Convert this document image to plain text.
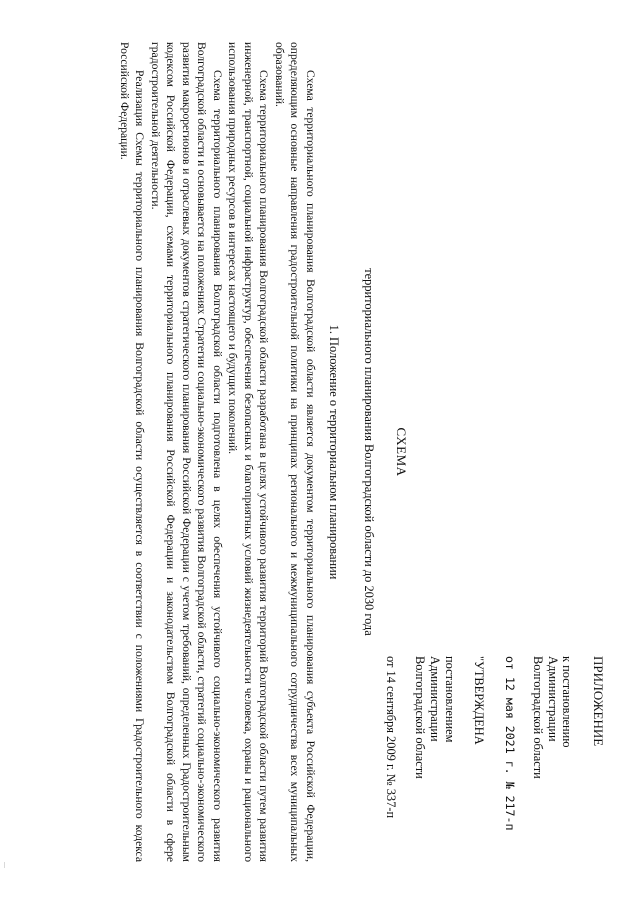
ПРИЛОЖЕНИЕ
к постановлению
Администрации
Волгоградской области
от 12 мая 2021 г. № 217-п
"УТВЕРЖДЕНА
постановлением
Администрации
Волгоградской области
от 14 сентября 2009 г. № 337-п
СХЕМА
территориального планирования Волгоградской области до 2030 года
1. Положение о территориальном планировании

Схема территориального планирования Волгоградской области является документом территориального планирования субъекта Российской Федерации, определяющим основные направления градостроительной политики на принципах регионального и межмуниципального сотрудничества всех муниципальных образований.

Схема территориального планирования Волгоградской области разработана в целях устойчивого развития территорий Волгоградской области путем развития инженерной, транспортной, социальной инфраструктур, обеспечения безопасных и благоприятных условий жизнедеятельности человека, охраны и рационального использования природных ресурсов в интересах настоящего и будущих поколений.

Схема территориального планирования Волгоградской области подготовлена в целях обеспечения устойчивого социально-экономического развития Волгоградской области и основывается на положениях Стратегии социально-экономического развития Волгоградской области, стратегий социально-экономического развития макрорегионов и отраслевых документов стратегического планирования Российской Федерации с учетом требований, определенных Градостроительным кодексом Российской Федерации, схемами территориального планирования Российской Федерации и законодательством Волгоградской области в сфере градостроительной деятельности.

Реализация Схемы территориального планирования Волгоградской области осуществляется в соответствии с положениями Градостроительного кодекса Российской Федерации.
